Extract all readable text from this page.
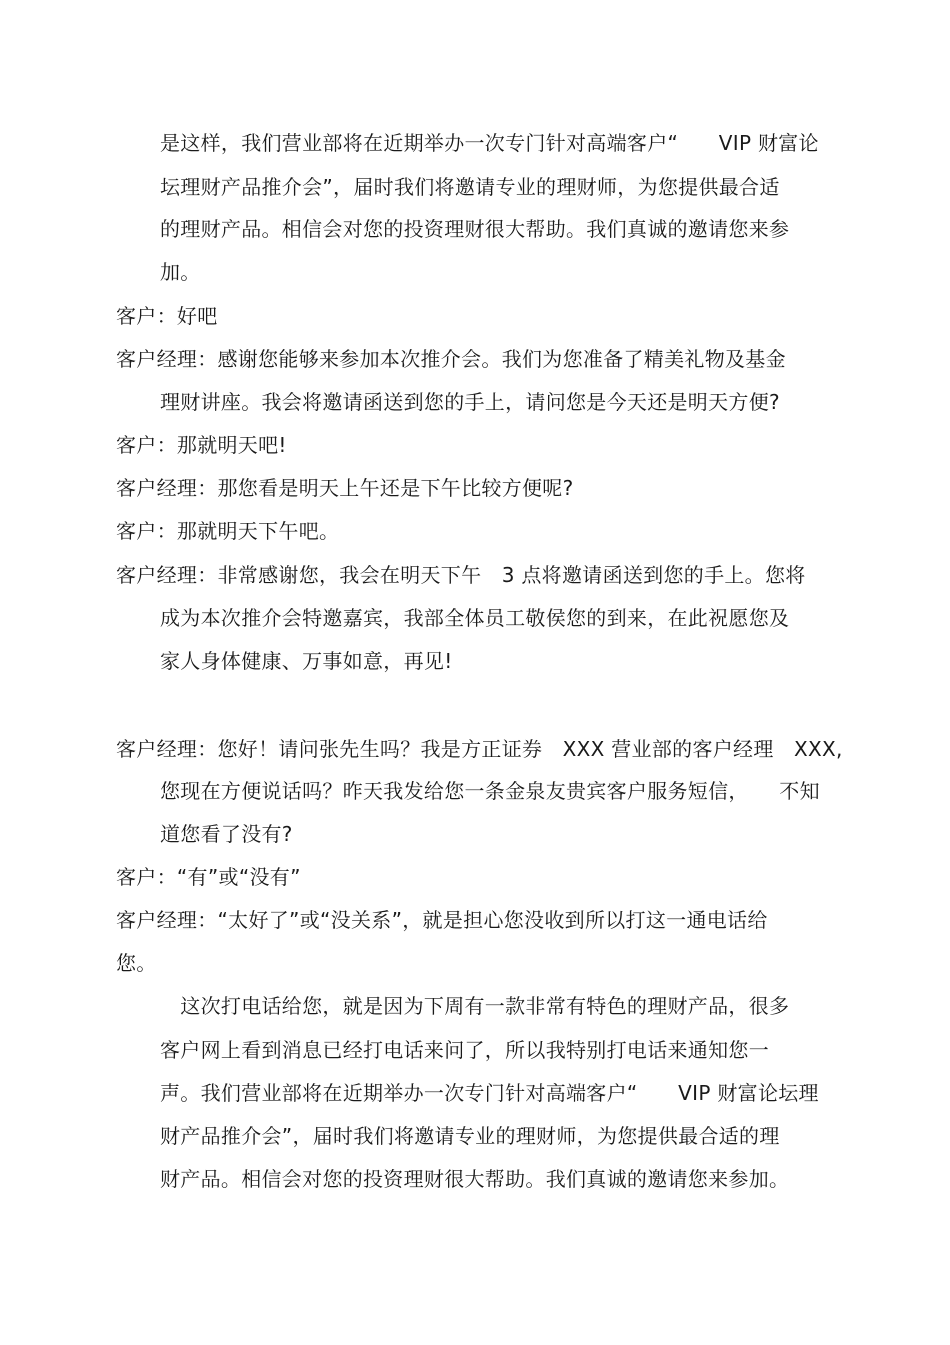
是这样，我们营业部将在近期举办一次专门针对高端客户“　　VIP 财富论
坛理财产品推介会”，届时我们将邀请专业的理财师，为您提供最合适
的理财产品。相信会对您的投资理财很大帮助。我们真诚的邀请您来参
加。
客户：好吧
客户经理：感谢您能够来参加本次推介会。我们为您准备了精美礼物及基金
理财讲座。我会将邀请函送到您的手上，请问您是今天还是明天方便?
客户：那就明天吧!
客户经理：那您看是明天上午还是下午比较方便呢?
客户：那就明天下午吧。
客户经理：非常感谢您，我会在明天下午　3 点将邀请函送到您的手上。您将
成为本次推介会特邀嘉宾，我部全体员工敬侯您的到来，在此祝愿您及
家人身体健康、万事如意，再见!
客户经理：您好！请问张先生吗？我是方正证券　XXX 营业部的客户经理　XXX,
您现在方便说话吗？昨天我发给您一条金泉友贵宾客户服务短信，　　不知
道您看了没有?
客户：“有”或“没有”
客户经理：“太好了”或“没关系”，就是担心您没收到所以打这一通电话给
您。
　这次打电话给您，就是因为下周有一款非常有特色的理财产品，很多
客户网上看到消息已经打电话来问了，所以我特别打电话来通知您一
声。我们营业部将在近期举办一次专门针对高端客户“　　VIP 财富论坛理
财产品推介会”，届时我们将邀请专业的理财师，为您提供最合适的理
财产品。相信会对您的投资理财很大帮助。我们真诚的邀请您来参加。
